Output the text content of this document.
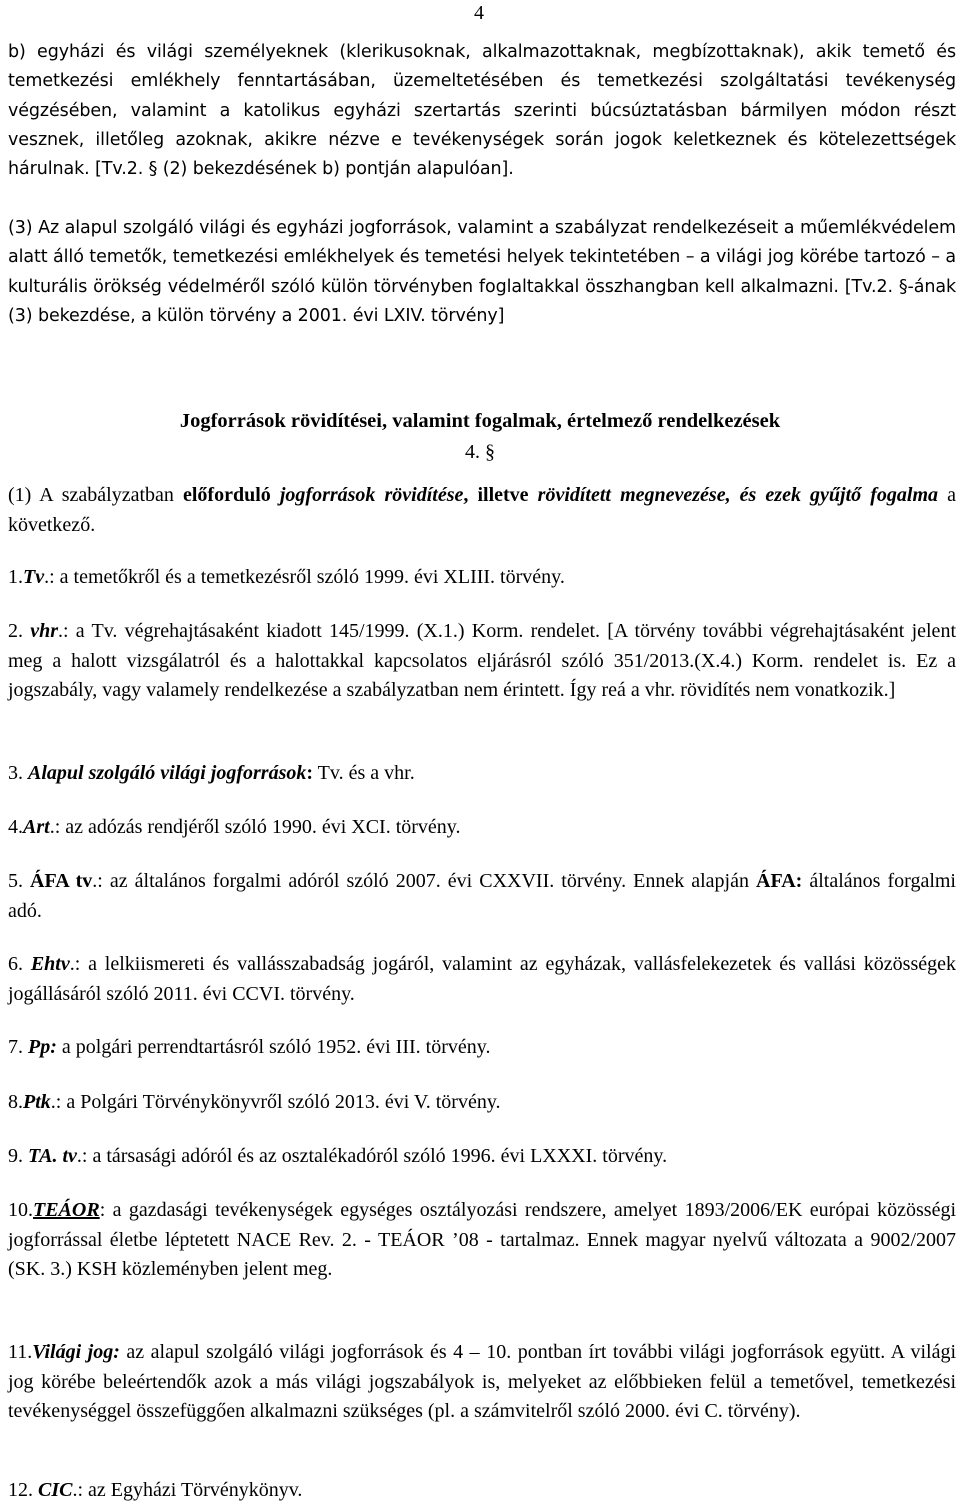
4

b) egyházi és világi személyeknek (klerikusoknak, alkalmazottaknak, megbízottaknak), akik temető és temetkezési emlékhely fenntartásában, üzemeltetésében és temetkezési szolgáltatási tevékenység végzésében, valamint a katolikus egyházi szertartás szerinti búcsúztatásban bármilyen módon részt vesznek, illetőleg azoknak, akikre nézve e tevékenységek során jogok keletkeznek és kötelezettségek hárulnak. [Tv.2. § (2) bekezdésének b) pontján alapulóan].

(3) Az alapul szolgáló világi és egyházi jogforrások, valamint a szabályzat rendelkezéseit a műemlékvédelem alatt álló temetők, temetkezési emlékhelyek és temetési helyek tekintetében – a világi jog körébe tartozó – a kulturális örökség védelméről szóló külön törvényben foglaltakkal összhangban kell alkalmazni. [Tv.2. §-ának (3) bekezdése, a külön törvény a 2001. évi LXIV. törvény]

Jogforrások rövidítései, valamint fogalmak, értelmező rendelkezések
4. §

(1) A szabályzatban előforduló jogforrások rövidítése, illetve rövidített megnevezése, és ezek gyűjtő fogalma a következő.

1.Tv.: a temetőkről és a temetkezésről szóló 1999. évi XLIII. törvény.

2. vhr.: a Tv. végrehajtásaként kiadott 145/1999. (X.1.) Korm. rendelet. [A törvény további végrehajtásaként jelent meg a halott vizsgálatról és a halottakkal kapcsolatos eljárásról szóló 351/2013.(X.4.) Korm. rendelet is. Ez a jogszabály, vagy valamely rendelkezése a szabályzatban nem érintett. Így reá a vhr. rövidítés nem vonatkozik.]

3. Alapul szolgáló világi jogforrások: Tv. és a vhr.

4.Art.: az adózás rendjéről szóló 1990. évi XCI. törvény.

5. ÁFA tv.: az általános forgalmi adóról szóló 2007. évi CXXVII. törvény. Ennek alapján ÁFA: általános forgalmi adó.

6. Ehtv.: a lelkiismereti és vallásszabadság jogáról, valamint az egyházak, vallásfelekezetek és vallási közösségek jogállásáról szóló 2011. évi CCVI. törvény.

7. Pp: a polgári perrendtartásról szóló 1952. évi III. törvény.

8.Ptk.: a Polgári Törvénykönyvről szóló 2013. évi V. törvény.

9. TA. tv.: a társasági adóról és az osztalékadóról szóló 1996. évi LXXXI. törvény.

10.TEÁOR: a gazdasági tevékenységek egységes osztályozási rendszere, amelyet 1893/2006/EK európai közösségi jogforrással életbe léptetett NACE Rev. 2. - TEÁOR ’08 - tartalmaz. Ennek magyar nyelvű változata a 9002/2007 (SK. 3.) KSH közleményben jelent meg.

11.Világi jog: az alapul szolgáló világi jogforrások és 4 – 10. pontban írt további világi jogforrások együtt. A világi jog körébe beleértendők azok a más világi jogszabályok is, melyeket az előbbieken felül a temetővel, temetkezési tevékenységgel összefüggően alkalmazni szükséges (pl. a számvitelről szóló 2000. évi C. törvény).

12. CIC.: az Egyházi Törvénykönyv.
